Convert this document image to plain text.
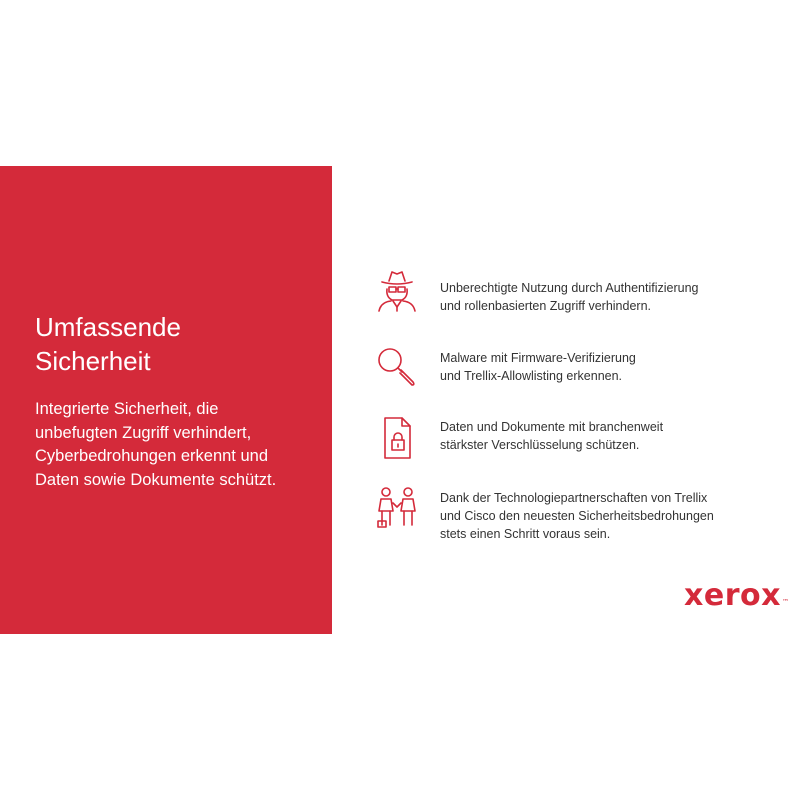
Umfassende
Sicherheit

Integrierte Sicherheit, die
unbefugten Zugriff verhindert,
Cyberbedrohungen erkennt und
Daten sowie Dokumente schützt.

Unberechtigte Nutzung durch Authentifizierung
und rollenbasierten Zugriff verhindern.
Malware mit Firmware-Verifizierung
und Trellix-Allowlisting erkennen.
Daten und Dokumente mit branchenweit
stärkster Verschlüsselung schützen.
Dank der Technologiepartnerschaften von Trellix
und Cisco den neuesten Sicherheitsbedrohungen
stets einen Schritt voraus sein.
xerox™
